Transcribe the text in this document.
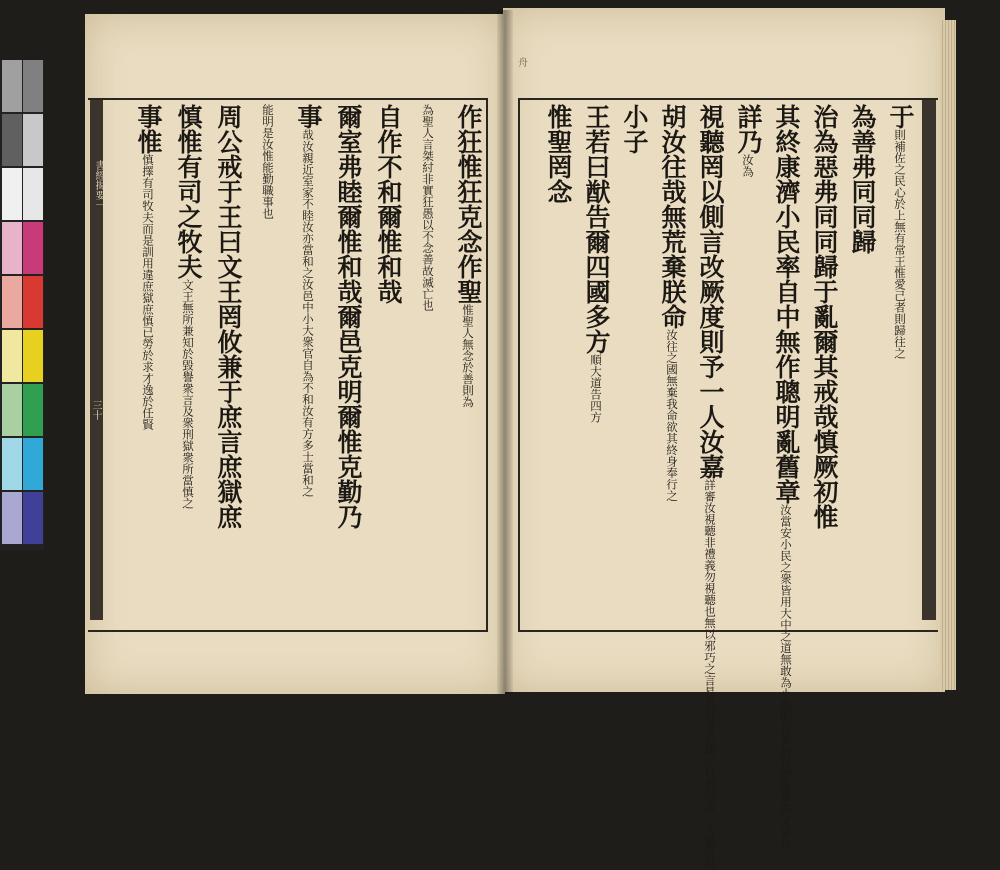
書經揭要一
三十
舟
作狂惟狂克念作聖
惟聖人無念於善則為
為聖人言桀紂非實狂愚以不念善故滅亡也
自作不和爾惟和哉
爾室弗睦爾惟和哉爾邑克明爾惟克勤乃
事
哉汝親近室家不睦汝亦當和之汝邑中小大衆官自為不和汝有方多士當和之
能明是汝惟能勤職事也
周公戒于王曰文王罔攸兼于庶言庶獄庶
慎惟有司之牧夫
文王無所兼知於毀譽衆言及衆刑獄衆所當慎之
事惟
慎擇有司牧夫而是訓用違庶獄庶慎已勞於求才逸於任賢
于
則補佐之民心於上無有常王惟愛己者則歸往之
為善弗同同歸
治為惡弗同同歸于亂爾其戒哉慎厥初惟
其終康濟小民率自中無作聰明亂舊章
汝當安小民之衆皆用大中之道無敢為小聰明作異辨以變亂舊典文章也
詳乃
汝為
視聽罔以側言改厥度則予一人汝嘉
詳審汝視聽非禮義勿視聽也無以邪巧之言易其常度必斷之以義則我一人嘉汝矣
胡汝往哉無荒棄朕命
汝往之國無棄我命欲其終身奉行之
小子
王若曰猷告爾四國多方
順大道告四方
惟聖罔念
